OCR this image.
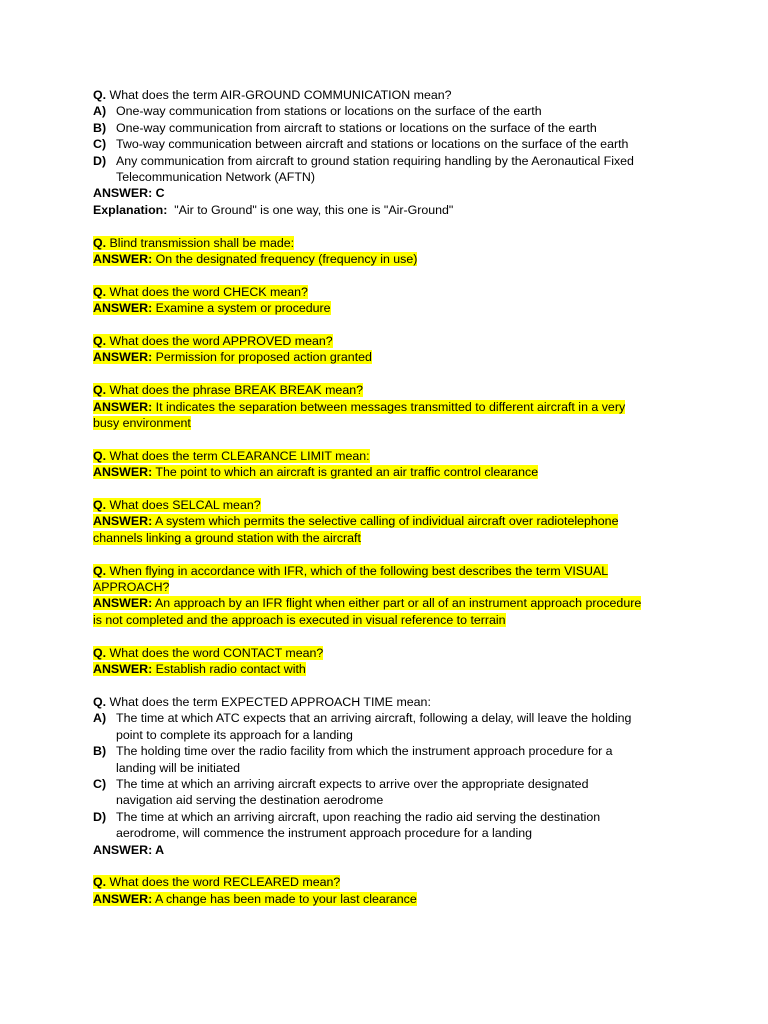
Q. What does the term AIR-GROUND COMMUNICATION mean?
A) One-way communication from stations or locations on the surface of the earth
B) One-way communication from aircraft to stations or locations on the surface of the earth
C) Two-way communication between aircraft and stations or locations on the surface of the earth
D) Any communication from aircraft to ground station requiring handling by the Aeronautical Fixed
Telecommunication Network (AFTN)
ANSWER: C
Explanation:  "Air to Ground" is one way, this one is "Air-Ground"
Q. Blind transmission shall be made:
ANSWER: On the designated frequency (frequency in use)
Q. What does the word CHECK mean?
ANSWER: Examine a system or procedure
Q. What does the word APPROVED mean?
ANSWER: Permission for proposed action granted
Q. What does the phrase BREAK BREAK mean?
ANSWER: It indicates the separation between messages transmitted to different aircraft in a very
busy environment
Q. What does the term CLEARANCE LIMIT mean:
ANSWER: The point to which an aircraft is granted an air traffic control clearance
Q. What does SELCAL mean?
ANSWER: A system which permits the selective calling of individual aircraft over radiotelephone
channels linking a ground station with the aircraft
Q. When flying in accordance with IFR, which of the following best describes the term VISUAL
APPROACH?
ANSWER: An approach by an IFR flight when either part or all of an instrument approach procedure
is not completed and the approach is executed in visual reference to terrain
Q. What does the word CONTACT mean?
ANSWER: Establish radio contact with
Q. What does the term EXPECTED APPROACH TIME mean:
A) The time at which ATC expects that an arriving aircraft, following a delay, will leave the holding
point to complete its approach for a landing
B) The holding time over the radio facility from which the instrument approach procedure for a
landing will be initiated
C) The time at which an arriving aircraft expects to arrive over the appropriate designated
navigation aid serving the destination aerodrome
D) The time at which an arriving aircraft, upon reaching the radio aid serving the destination
aerodrome, will commence the instrument approach procedure for a landing
ANSWER: A
Q. What does the word RECLEARED mean?
ANSWER: A change has been made to your last clearance
